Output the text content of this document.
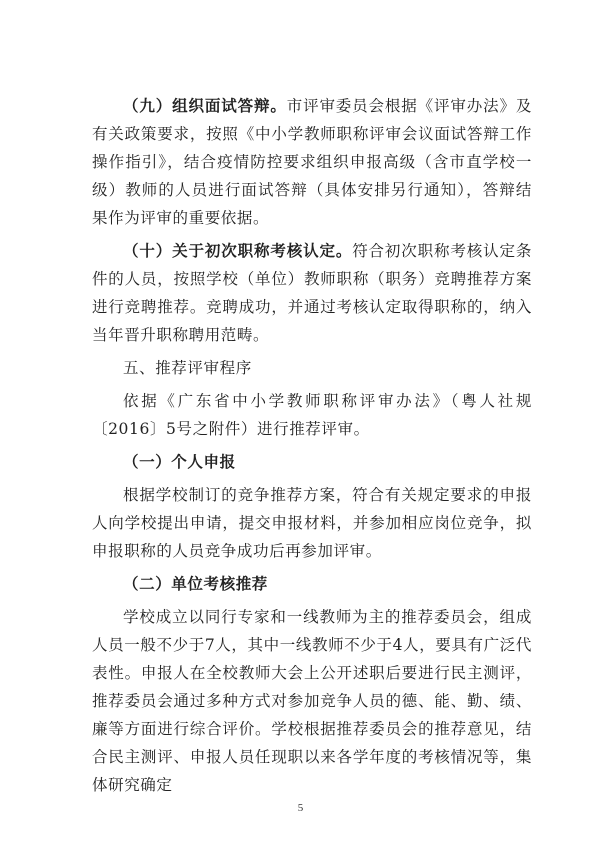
（九）组织面试答辩。市评审委员会根据《评审办法》及有关政策要求，按照《中小学教师职称评审会议面试答辩工作操作指引》，结合疫情防控要求组织申报高级（含市直学校一级）教师的人员进行面试答辩（具体安排另行通知），答辩结果作为评审的重要依据。

（十）关于初次职称考核认定。符合初次职称考核认定条件的人员，按照学校（单位）教师职称（职务）竞聘推荐方案进行竞聘推荐。竞聘成功，并通过考核认定取得职称的，纳入当年晋升职称聘用范畴。

五、推荐评审程序

依据《广东省中小学教师职称评审办法》（粤人社规〔2016〕5号之附件）进行推荐评审。

（一）个人申报

根据学校制订的竞争推荐方案，符合有关规定要求的申报人向学校提出申请，提交申报材料，并参加相应岗位竞争，拟申报职称的人员竞争成功后再参加评审。

（二）单位考核推荐

学校成立以同行专家和一线教师为主的推荐委员会，组成人员一般不少于7人，其中一线教师不少于4人，要具有广泛代表性。申报人在全校教师大会上公开述职后要进行民主测评，推荐委员会通过多种方式对参加竞争人员的德、能、勤、绩、廉等方面进行综合评价。学校根据推荐委员会的推荐意见，结合民主测评、申报人员任现职以来各学年度的考核情况等，集体研究确定

5
